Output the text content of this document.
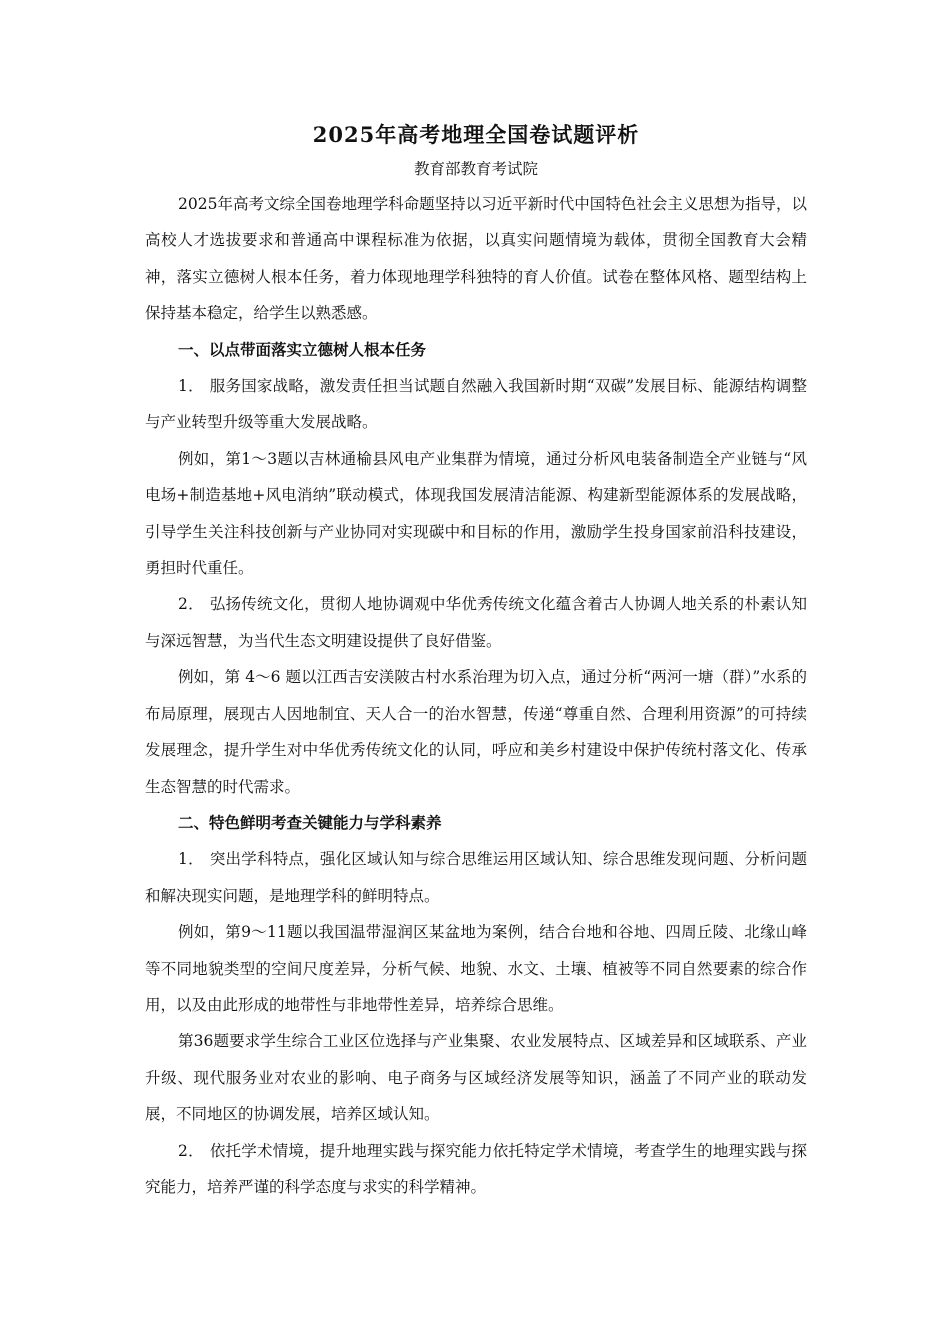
2025年高考地理全国卷试题评析

教育部教育考试院

2025年高考文综全国卷地理学科命题坚持以习近平新时代中国特色社会主义思想为指导，以高校人才选拔要求和普通高中课程标准为依据，以真实问题情境为载体，贯彻全国教育大会精神，落实立德树人根本任务，着力体现地理学科独特的育人价值。试卷在整体风格、题型结构上保持基本稳定，给学生以熟悉感。

一、以点带面落实立德树人根本任务

1． 服务国家战略，激发责任担当试题自然融入我国新时期“双碳”发展目标、能源结构调整与产业转型升级等重大发展战略。

例如，第1～3题以吉林通榆县风电产业集群为情境，通过分析风电装备制造全产业链与“风电场+制造基地+风电消纳”联动模式，体现我国发展清洁能源、构建新型能源体系的发展战略，引导学生关注科技创新与产业协同对实现碳中和目标的作用，激励学生投身国家前沿科技建设，勇担时代重任。

2． 弘扬传统文化，贯彻人地协调观中华优秀传统文化蕴含着古人协调人地关系的朴素认知与深远智慧，为当代生态文明建设提供了良好借鉴。

例如，第 4～6 题以江西吉安渼陂古村水系治理为切入点，通过分析“两河一塘（群）”水系的布局原理，展现古人因地制宜、天人合一的治水智慧，传递“尊重自然、合理利用资源”的可持续发展理念，提升学生对中华优秀传统文化的认同，呼应和美乡村建设中保护传统村落文化、传承生态智慧的时代需求。

二、特色鲜明考查关键能力与学科素养

1． 突出学科特点，强化区域认知与综合思维运用区域认知、综合思维发现问题、分析问题和解决现实问题，是地理学科的鲜明特点。

例如，第9～11题以我国温带湿润区某盆地为案例，结合台地和谷地、四周丘陵、北缘山峰等不同地貌类型的空间尺度差异，分析气候、地貌、水文、土壤、植被等不同自然要素的综合作用，以及由此形成的地带性与非地带性差异，培养综合思维。

第36题要求学生综合工业区位选择与产业集聚、农业发展特点、区域差异和区域联系、产业升级、现代服务业对农业的影响、电子商务与区域经济发展等知识，涵盖了不同产业的联动发展，不同地区的协调发展，培养区域认知。

2． 依托学术情境，提升地理实践与探究能力依托特定学术情境，考查学生的地理实践与探究能力，培养严谨的科学态度与求实的科学精神。
